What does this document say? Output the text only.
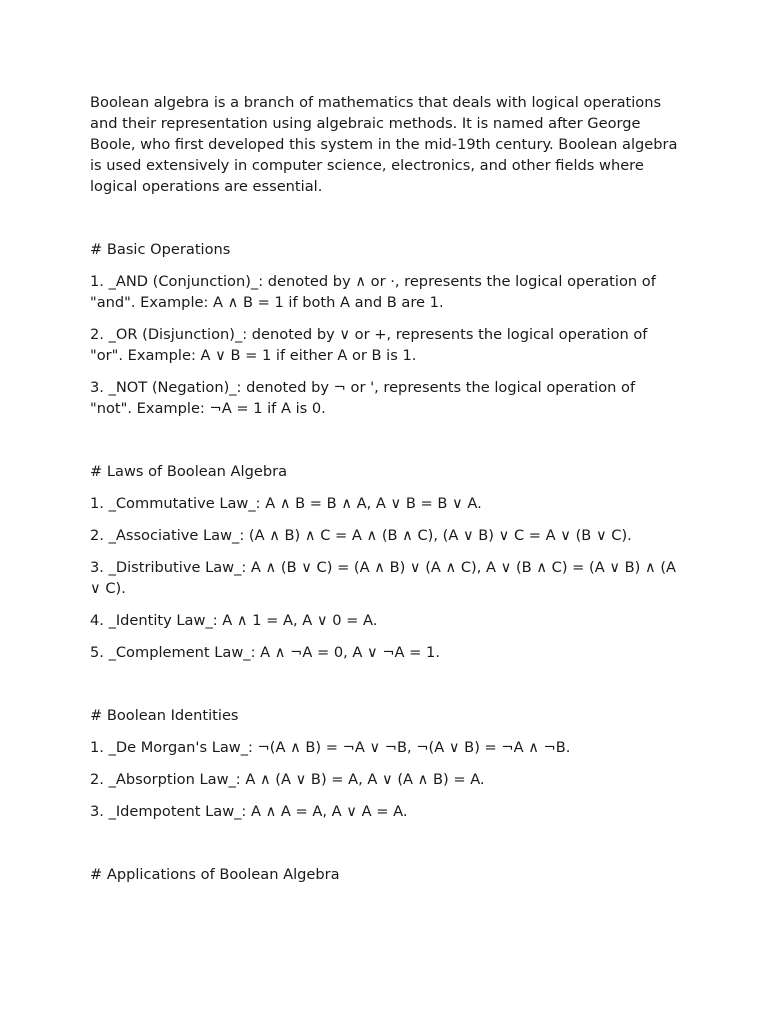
Boolean algebra is a branch of mathematics that deals with logical operations and their representation using algebraic methods. It is named after George Boole, who first developed this system in the mid-19th century. Boolean algebra is used extensively in computer science, electronics, and other fields where logical operations are essential.

# Basic Operations

1. _AND (Conjunction)_: denoted by ∧ or ·, represents the logical operation of "and". Example: A ∧ B = 1 if both A and B are 1.

2. _OR (Disjunction)_: denoted by ∨ or +, represents the logical operation of "or". Example: A ∨ B = 1 if either A or B is 1.

3. _NOT (Negation)_: denoted by ¬ or ', represents the logical operation of "not". Example: ¬A = 1 if A is 0.

# Laws of Boolean Algebra

1. _Commutative Law_: A ∧ B = B ∧ A, A ∨ B = B ∨ A.

2. _Associative Law_: (A ∧ B) ∧ C = A ∧ (B ∧ C), (A ∨ B) ∨ C = A ∨ (B ∨ C).

3. _Distributive Law_: A ∧ (B ∨ C) = (A ∧ B) ∨ (A ∧ C), A ∨ (B ∧ C) = (A ∨ B) ∧ (A ∨ C).

4. _Identity Law_: A ∧ 1 = A, A ∨ 0 = A.

5. _Complement Law_: A ∧ ¬A = 0, A ∨ ¬A = 1.

# Boolean Identities

1. _De Morgan's Law_: ¬(A ∧ B) = ¬A ∨ ¬B, ¬(A ∨ B) = ¬A ∧ ¬B.

2. _Absorption Law_: A ∧ (A ∨ B) = A, A ∨ (A ∧ B) = A.

3. _Idempotent Law_: A ∧ A = A, A ∨ A = A.

# Applications of Boolean Algebra
